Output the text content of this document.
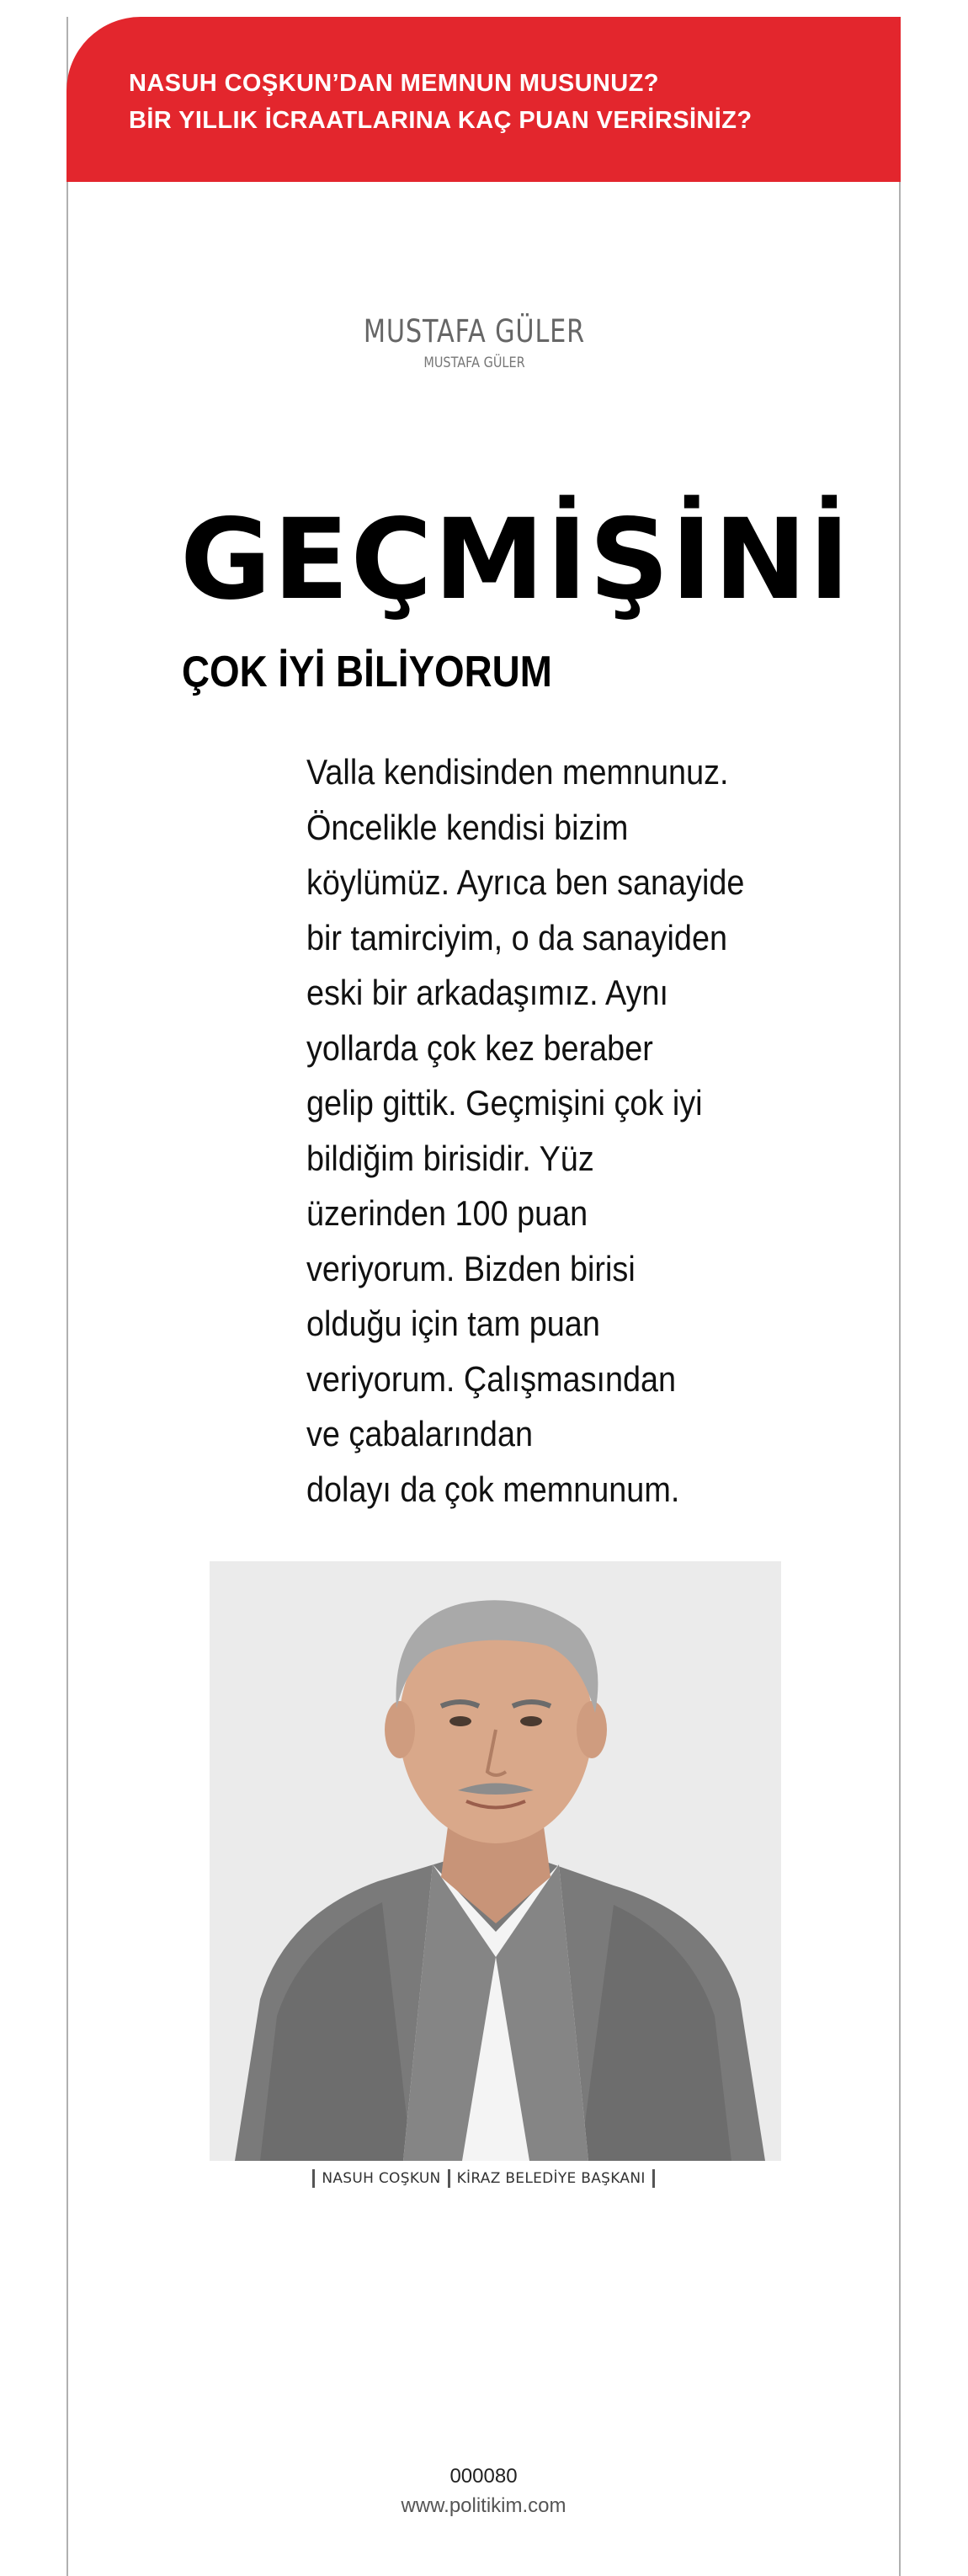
NASUH COŞKUN’DAN MEMNUN MUSUNUZ?
BİR YILLIK İCRAATLARINA KAÇ PUAN VERİRSİNİZ?
MUSTAFA GÜLER
MUSTAFA GÜLER
GEÇMİŞİNİ
ÇOK İYİ BİLİYORUM
Valla kendisinden memnunuz.
Öncelikle kendisi bizim
köylümüz. Ayrıca ben sanayide
bir tamirciyim, o da sanayiden
eski bir arkadaşımız. Aynı
yollarda çok kez beraber
gelip gittik. Geçmişini çok iyi
bildiğim birisidir. Yüz
üzerinden 100 puan
veriyorum. Bizden birisi
olduğu için tam puan
veriyorum. Çalışmasından
ve çabalarından
dolayı da çok memnunum.
NASUH COŞKUN KİRAZ BELEDİYE BAŞKANI
000080
www.politikim.com
